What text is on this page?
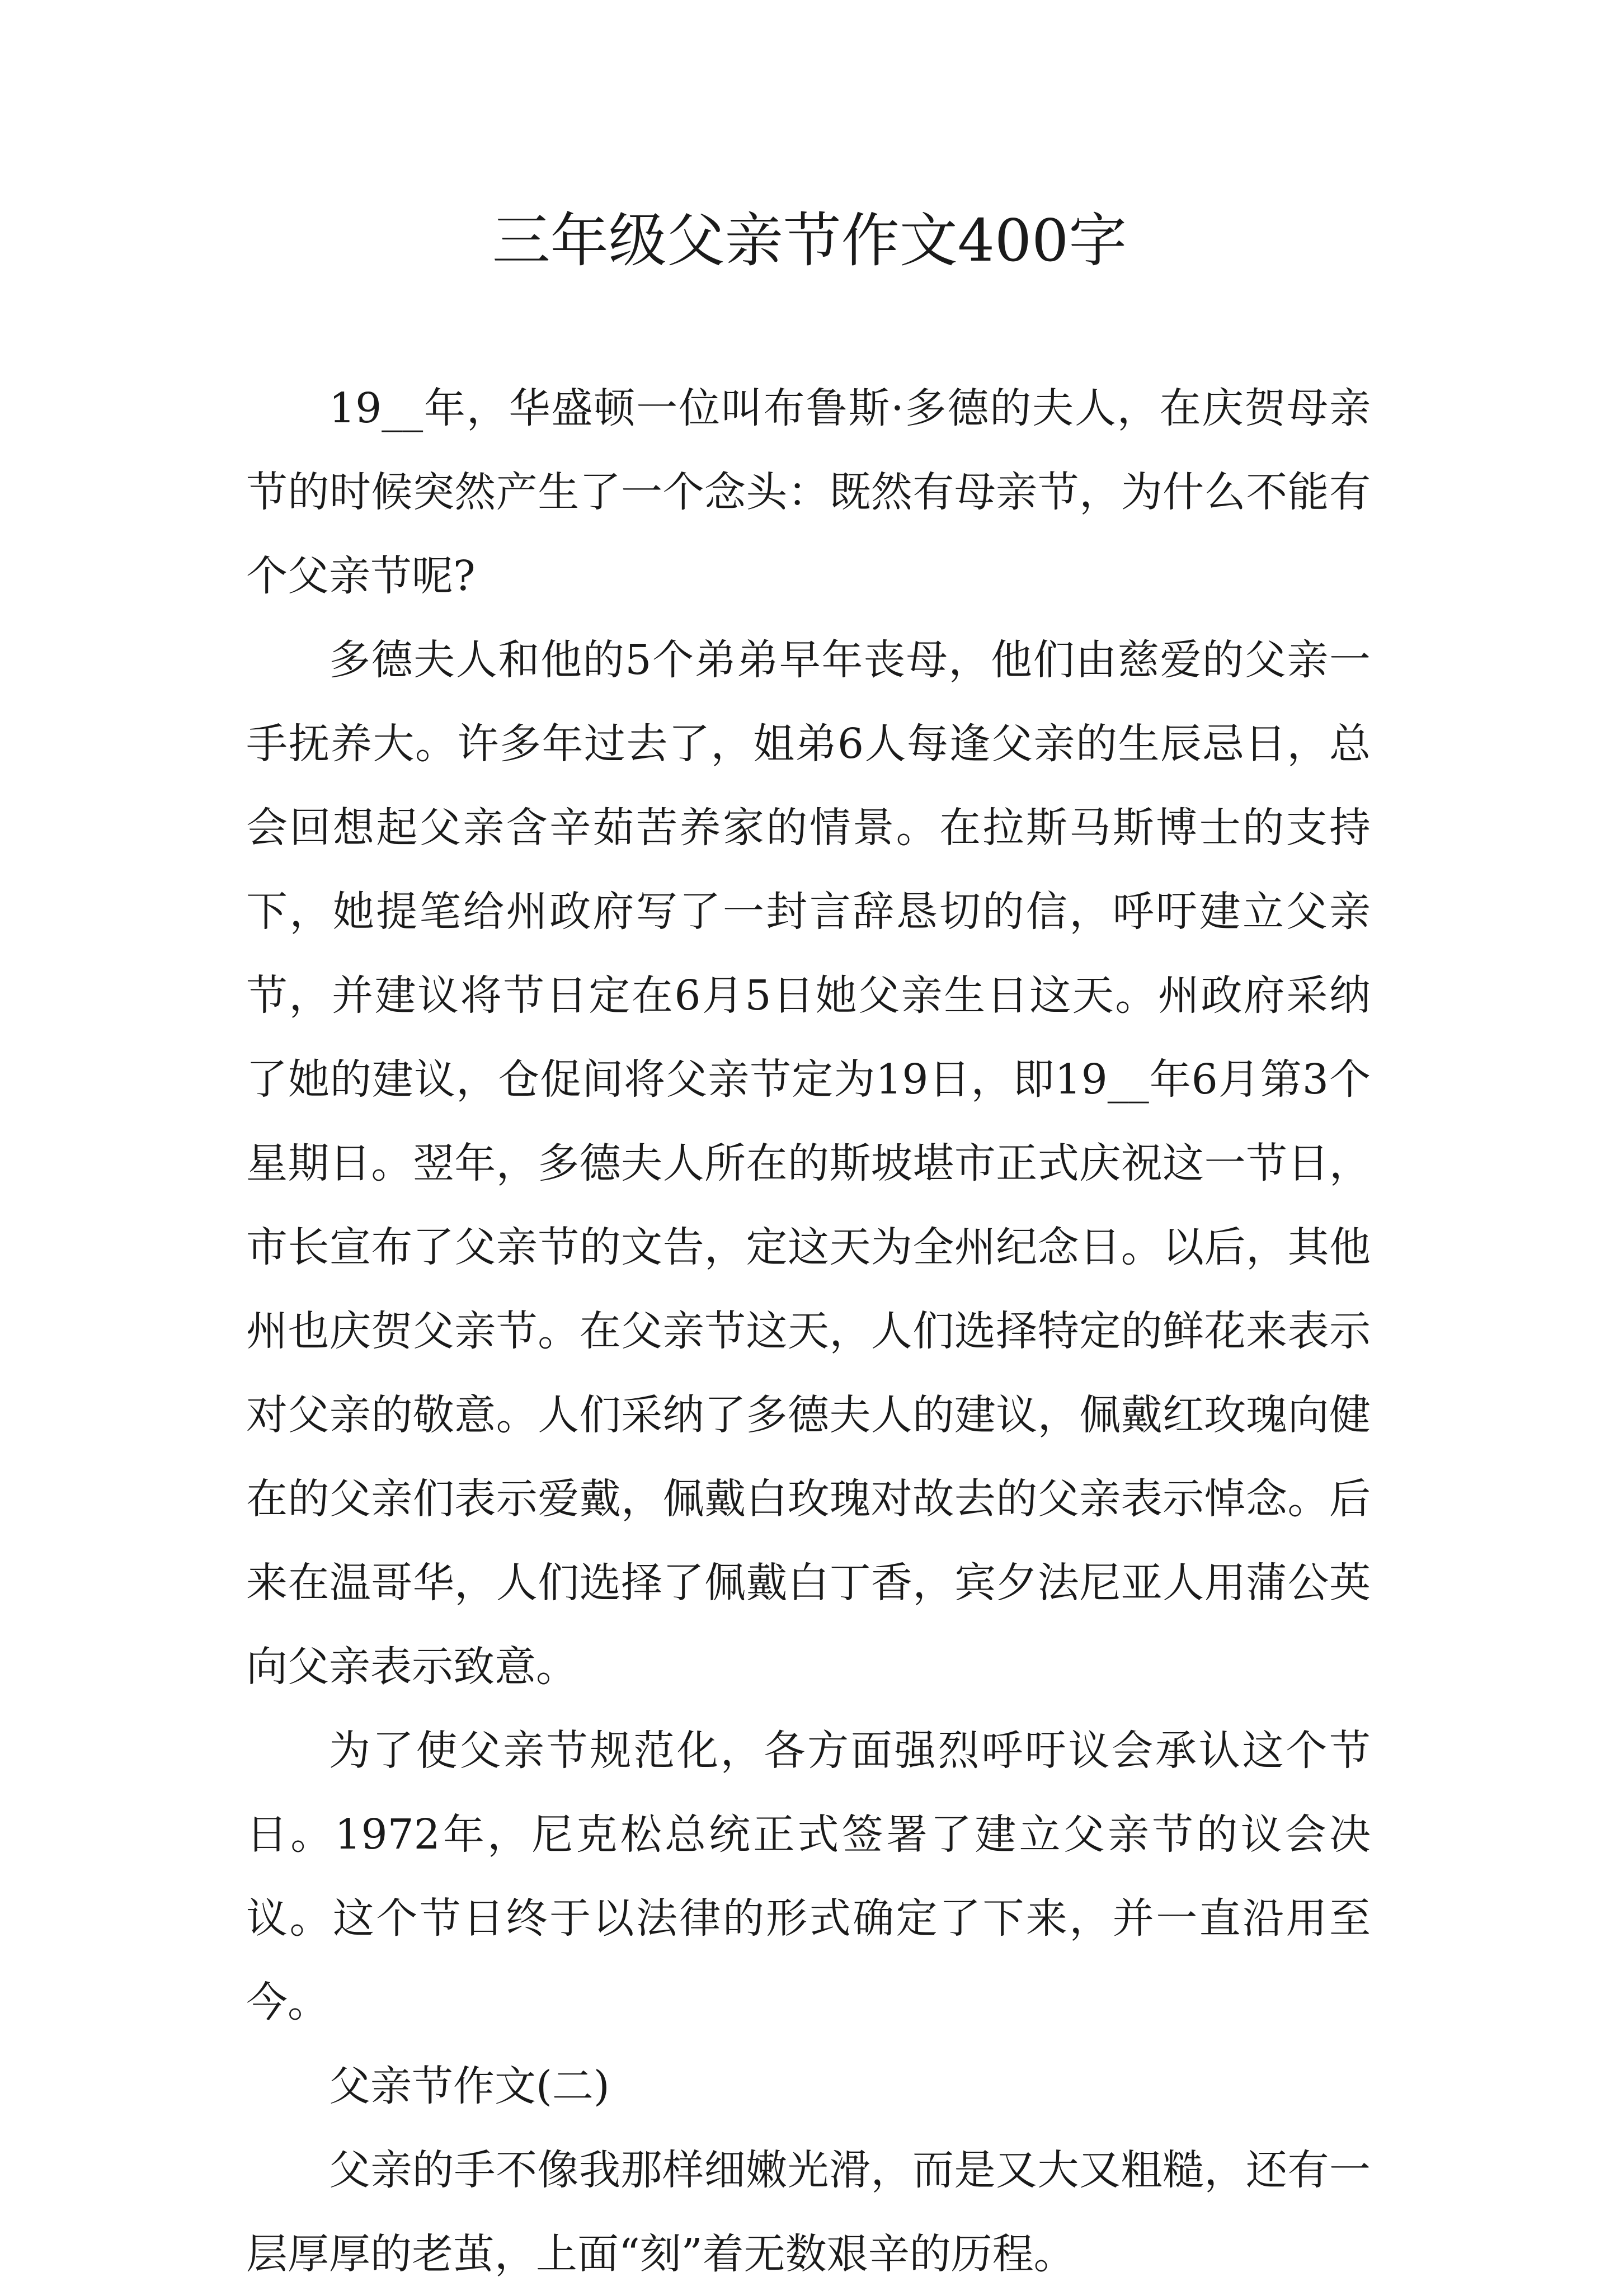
三年级父亲节作文400字

19__年，华盛顿一位叫布鲁斯·多德的夫人，在庆贺母亲节的时候突然产生了一个念头：既然有母亲节，为什么不能有个父亲节呢?

多德夫人和他的5个弟弟早年丧母，他们由慈爱的父亲一手抚养大。许多年过去了，姐弟6人每逢父亲的生辰忌日，总会回想起父亲含辛茹苦养家的情景。在拉斯马斯博士的支持下，她提笔给州政府写了一封言辞恳切的信，呼吁建立父亲节，并建议将节日定在6月5日她父亲生日这天。州政府采纳了她的建议，仓促间将父亲节定为19日，即19__年6月第3个星期日。翌年，多德夫人所在的斯坡堪市正式庆祝这一节日，市长宣布了父亲节的文告，定这天为全州纪念日。以后，其他州也庆贺父亲节。在父亲节这天，人们选择特定的鲜花来表示对父亲的敬意。人们采纳了多德夫人的建议，佩戴红玫瑰向健在的父亲们表示爱戴，佩戴白玫瑰对故去的父亲表示悼念。后来在温哥华，人们选择了佩戴白丁香，宾夕法尼亚人用蒲公英向父亲表示致意。

为了使父亲节规范化，各方面强烈呼吁议会承认这个节日。1972年，尼克松总统正式签署了建立父亲节的议会决议。这个节日终于以法律的形式确定了下来，并一直沿用至今。

父亲节作文(二)

父亲的手不像我那样细嫩光滑，而是又大又粗糙，还有一层厚厚的老茧，上面“刻”着无数艰辛的历程。
